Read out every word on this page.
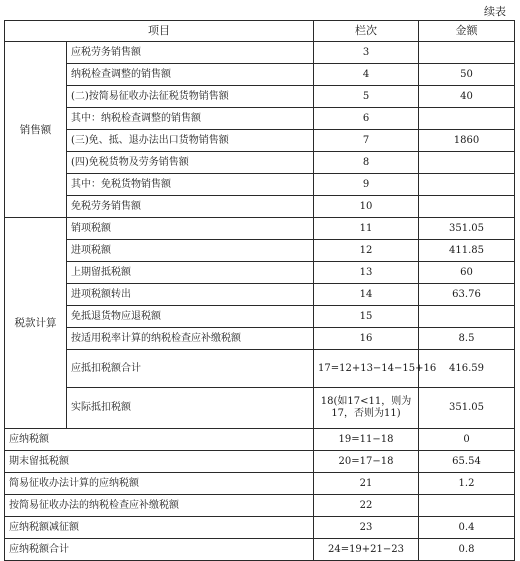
续表
项目		栏次	金额
销售额	应税劳务销售额	3	
	纳税检查调整的销售额	4	50
	(二)按简易征收办法征税货物销售额	5	40
	其中：纳税检查调整的销售额	6	
	(三)免、抵、退办法出口货物销售额	7	1860
	(四)免税货物及劳务销售额	8	
	其中：免税货物销售额	9	
	免税劳务销售额	10	
税款计算	销项税额	11	351.05
	进项税额	12	411.85
	上期留抵税额	13	60
	进项税额转出	14	63.76
	免抵退货物应退税额	15	
	按适用税率计算的纳税检查应补缴税额	16	8.5
	应抵扣税额合计	17=12+13−14−15+16	416.59
	实际抵扣税额	18(如17<11，则为17，否则为11)	351.05
应纳税额		19=11−18	0
期末留抵税额		20=17−18	65.54
简易征收办法计算的应纳税额		21	1.2
按简易征收办法的纳税检查应补缴税额		22	
应纳税额减征额		23	0.4
应纳税额合计		24=19+21−23	0.8
